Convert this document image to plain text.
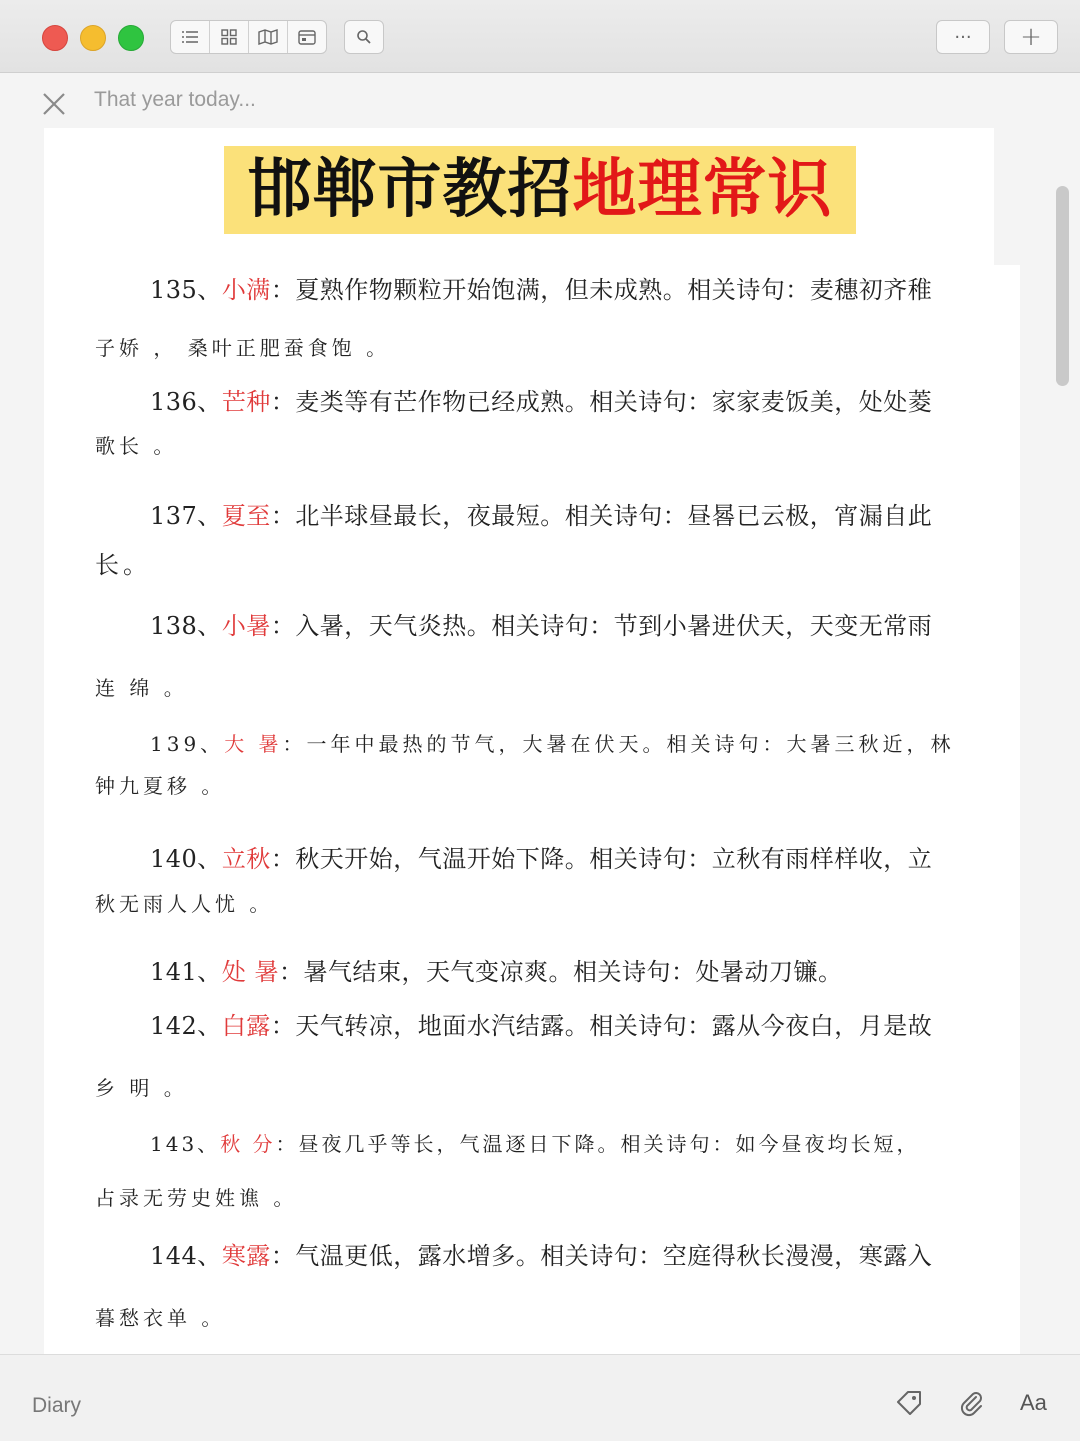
··· +
That year today...
邯郸市教招 地理常识
135、小满：夏熟作物颗粒开始饱满，但未成熟。相关诗句：麦穗初齐稚
子娇 ， 桑叶正肥蚕食饱 。
136、芒种：麦类等有芒作物已经成熟。相关诗句：家家麦饭美，处处菱
歌长 。
137、夏至：北半球昼最长，夜最短。相关诗句：昼晷已云极，宵漏自此
长。
138、小暑：入暑，天气炎热。相关诗句：节到小暑进伏天，天变无常雨
连 绵 。
139、大 暑：一年中最热的节气，大暑在伏天。相关诗句：大暑三秋近，林
钟九夏移 。
140、立秋：秋天开始，气温开始下降。相关诗句：立秋有雨样样收，立
秋无雨人人忧 。
141、处 暑：暑气结束，天气变凉爽。相关诗句：处暑动刀镰。
142、白露：天气转凉，地面水汽结露。相关诗句：露从今夜白，月是故
乡 明 。
143、秋 分：昼夜几乎等长，气温逐日下降。相关诗句：如今昼夜均长短，
占录无劳史姓谯 。
144、寒露：气温更低，露水增多。相关诗句：空庭得秋长漫漫，寒露入
暮愁衣单 。
Diary	Aa
